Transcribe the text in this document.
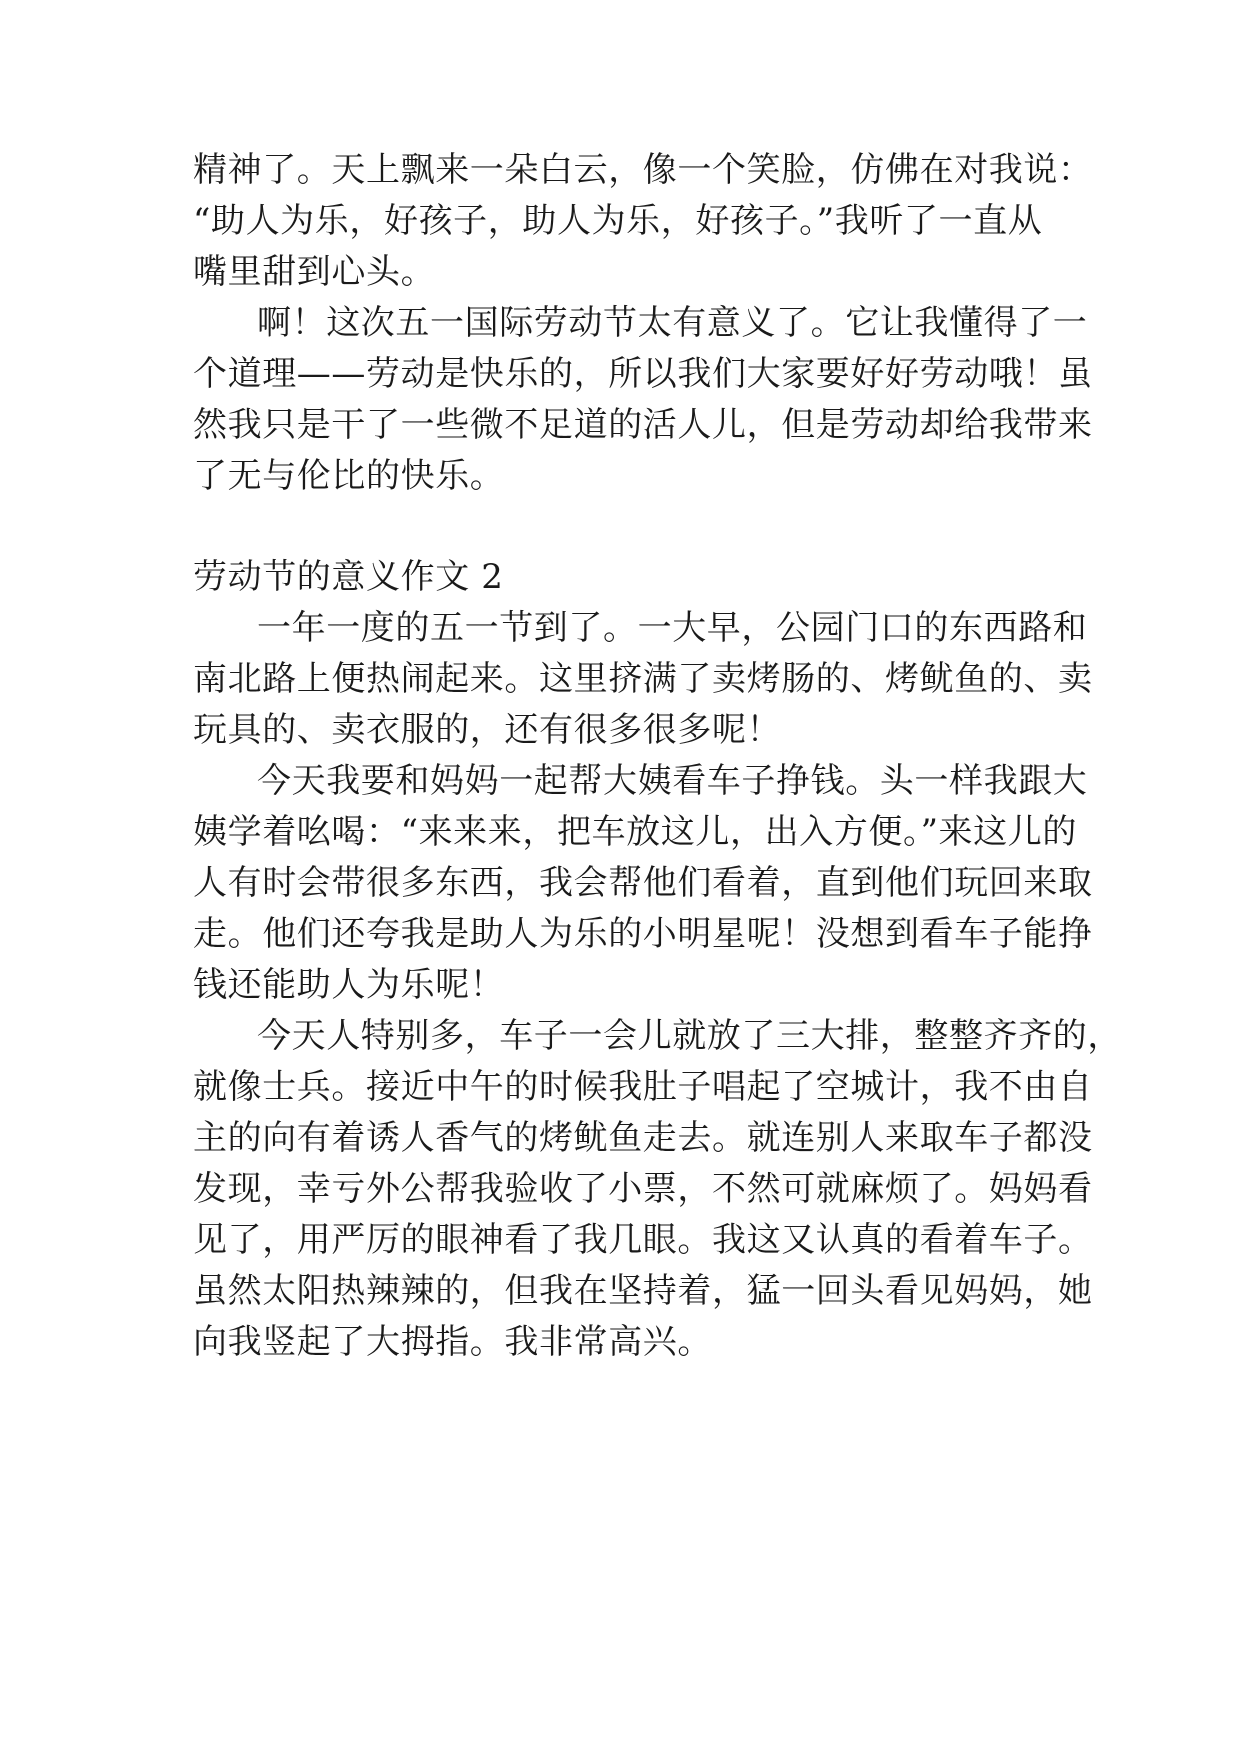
精神了。天上飘来一朵白云，像一个笑脸，仿佛在对我说：
“助人为乐，好孩子，助人为乐，好孩子。”我听了一直从
嘴里甜到心头。
啊！这次五一国际劳动节太有意义了。它让我懂得了一
个道理——劳动是快乐的，所以我们大家要好好劳动哦！虽
然我只是干了一些微不足道的活人儿，但是劳动却给我带来
了无与伦比的快乐。
劳动节的意义作文 2
一年一度的五一节到了。一大早，公园门口的东西路和
南北路上便热闹起来。这里挤满了卖烤肠的、烤鱿鱼的、卖
玩具的、卖衣服的，还有很多很多呢！
今天我要和妈妈一起帮大姨看车子挣钱。头一样我跟大
姨学着吆喝：“来来来，把车放这儿，出入方便。”来这儿的
人有时会带很多东西，我会帮他们看着，直到他们玩回来取
走。他们还夸我是助人为乐的小明星呢！没想到看车子能挣
钱还能助人为乐呢！
今天人特别多，车子一会儿就放了三大排，整整齐齐的，
就像士兵。接近中午的时候我肚子唱起了空城计，我不由自
主的向有着诱人香气的烤鱿鱼走去。就连别人来取车子都没
发现，幸亏外公帮我验收了小票，不然可就麻烦了。妈妈看
见了，用严厉的眼神看了我几眼。我这又认真的看着车子。
虽然太阳热辣辣的，但我在坚持着，猛一回头看见妈妈，她
向我竖起了大拇指。我非常高兴。
